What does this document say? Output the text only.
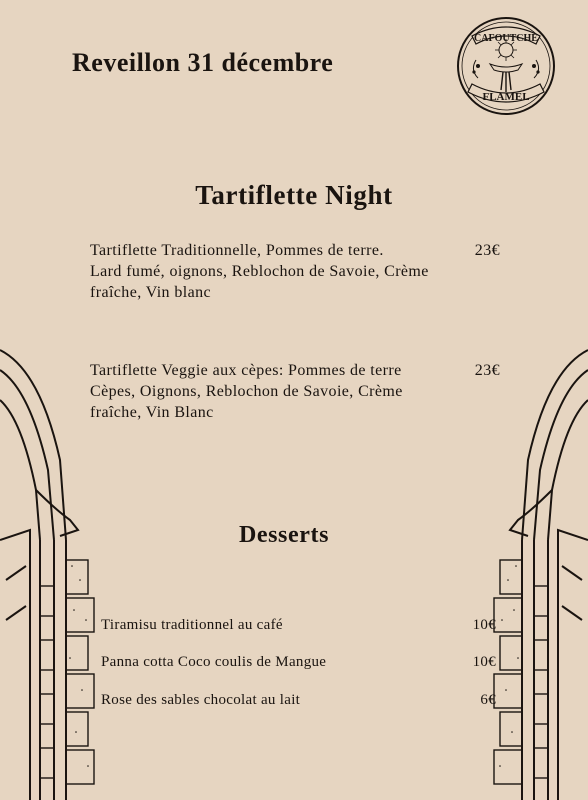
Reveillon 31 décembre
CAFOUTCHE
FLAMEL
Tartiflette Night
Tartiflette Traditionnelle, Pommes de terre.
Lard fumé, oignons, Reblochon de Savoie, Crème
fraîche, Vin blanc
23€
Tartiflette Veggie aux cèpes: Pommes de terre
Cèpes, Oignons, Reblochon de Savoie, Crème
fraîche, Vin Blanc
23€
Desserts
Tiramisu traditionnel au café	10€
Panna cotta Coco coulis de Mangue	10€
Rose des sables chocolat au lait	6€
